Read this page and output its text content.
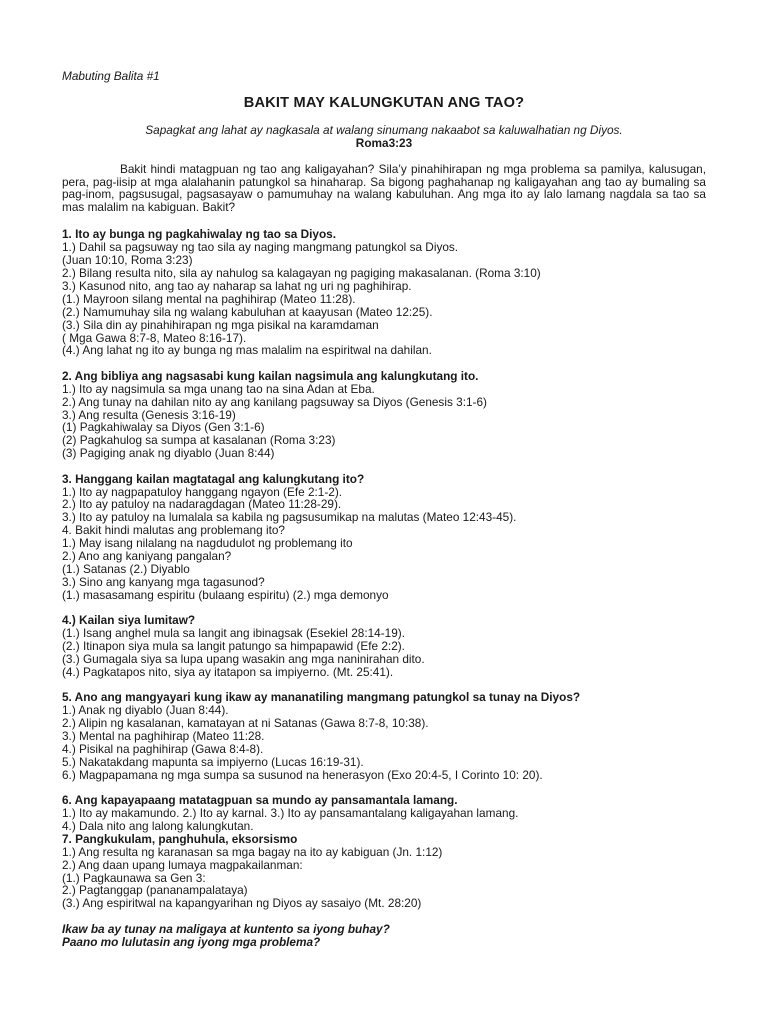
Mabuting Balita #1
BAKIT MAY KALUNGKUTAN ANG TAO?
Sapagkat ang lahat ay nagkasala at walang sinumang nakaabot sa kaluwalhatian ng Diyos.
Roma3:23
Bakit hindi matagpuan ng tao ang kaligayahan? Sila’y pinahihirapan ng mga problema sa pamilya, kalusugan, pera, pag-iisip at mga alalahanin patungkol sa hinaharap. Sa bigong paghahanap ng kaligayahan ang tao ay bumaling sa pag-inom, pagsusugal, pagsasayaw o pamumuhay na walang kabuluhan. Ang mga ito ay lalo lamang nagdala sa tao sa mas malalim na kabiguan. Bakit?
1. Ito ay bunga ng pagkahiwalay ng tao sa Diyos.
1.) Dahil sa pagsuway ng tao sila ay naging mangmang patungkol sa Diyos.
(Juan 10:10, Roma 3:23)
2.) Bilang resulta nito, sila ay nahulog sa kalagayan ng pagiging makasalanan. (Roma 3:10)
3.) Kasunod nito, ang tao ay naharap sa lahat ng uri ng paghihirap.
(1.) Mayroon silang mental na paghihirap (Mateo 11:28).
(2.) Namumuhay sila ng walang kabuluhan at kaayusan (Mateo 12:25).
(3.) Sila din ay pinahihirapan ng mga pisikal na karamdaman
( Mga Gawa 8:7-8, Mateo 8:16-17).
(4.) Ang lahat ng ito ay bunga ng mas malalim na espiritwal na dahilan.
2. Ang bibliya ang nagsasabi kung kailan nagsimula ang kalungkutang ito.
1.) Ito ay nagsimula sa mga unang tao na sina Adan at Eba.
2.) Ang tunay na dahilan nito ay ang kanilang pagsuway sa Diyos (Genesis 3:1-6)
3.) Ang resulta (Genesis 3:16-19)
(1) Pagkahiwalay sa Diyos (Gen 3:1-6)
(2) Pagkahulog sa sumpa at kasalanan (Roma 3:23)
(3) Pagiging anak ng diyablo (Juan 8:44)
3. Hanggang kailan magtatagal ang kalungkutang ito?
1.) Ito ay nagpapatuloy hanggang ngayon (Efe 2:1-2).
2.) Ito ay patuloy na nadaragdagan (Mateo 11:28-29).
3.) Ito ay patuloy na lumalala sa kabila ng pagsusumikap na malutas (Mateo 12:43-45).
4. Bakit hindi malutas ang problemang ito?
1.) May isang nilalang na nagdudulot ng problemang ito
2.) Ano ang kaniyang pangalan?
(1.) Satanas (2.) Diyablo
3.) Sino ang kanyang mga tagasunod?
(1.) masasamang espiritu (bulaang espiritu) (2.) mga demonyo
4.) Kailan siya lumitaw?
(1.) Isang anghel mula sa langit ang ibinagsak (Esekiel 28:14-19).
(2.) Itinapon siya mula sa langit patungo sa himpapawid (Efe 2:2).
(3.) Gumagala siya sa lupa upang wasakin ang mga naninirahan dito.
(4.) Pagkatapos nito, siya ay itatapon sa impiyerno. (Mt. 25:41).
5. Ano ang mangyayari kung ikaw ay mananatiling mangmang patungkol sa tunay na Diyos?
1.) Anak ng diyablo (Juan 8:44).
2.) Alipin ng kasalanan, kamatayan at ni Satanas (Gawa 8:7-8, 10:38).
3.) Mental na paghihirap (Mateo 11:28.
4.) Pisikal na paghihirap (Gawa 8:4-8).
5.) Nakatakdang mapunta sa impiyerno (Lucas 16:19-31).
6.) Magpapamana ng mga sumpa sa susunod na henerasyon (Exo 20:4-5, I Corinto 10: 20).
6. Ang kapayapaang matatagpuan sa mundo ay pansamantala lamang.
1.) Ito ay makamundo. 2.) Ito ay karnal. 3.) Ito ay pansamantalang kaligayahan lamang.
4.) Dala nito ang lalong kalungkutan.
7. Pangkukulam, panghuhula, eksorsismo
1.) Ang resulta ng karanasan sa mga bagay na ito ay kabiguan (Jn. 1:12)
2.) Ang daan upang lumaya magpakailanman:
(1.) Pagkaunawa sa Gen 3:
2.) Pagtanggap (pananampalataya)
(3.) Ang espiritwal na kapangyarihan ng Diyos ay sasaiyo (Mt. 28:20)
Ikaw ba ay tunay na maligaya at kuntento sa iyong buhay?
Paano mo lulutasin ang iyong mga problema?
